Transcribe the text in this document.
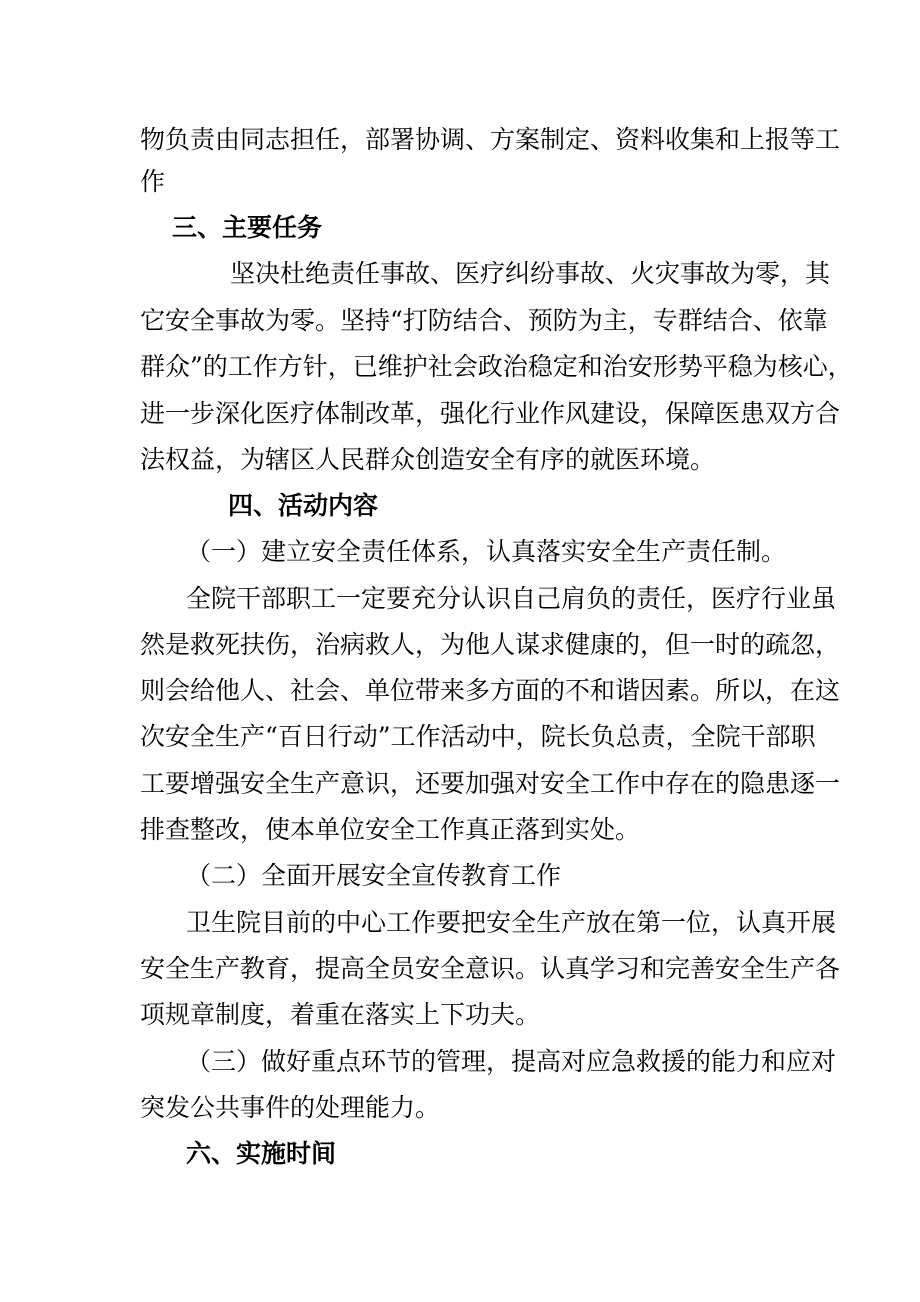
物负责由同志担任，部署协调、方案制定、资料收集和上报等工

作

三、主要任务

坚决杜绝责任事故、医疗纠纷事故、火灾事故为零，其

它安全事故为零。坚持“打防结合、预防为主，专群结合、依靠

群众”的工作方针，已维护社会政治稳定和治安形势平稳为核心，

进一步深化医疗体制改革，强化行业作风建设，保障医患双方合

法权益，为辖区人民群众创造安全有序的就医环境。

四、活动内容

（一）建立安全责任体系，认真落实安全生产责任制。

全院干部职工一定要充分认识自己肩负的责任，医疗行业虽

然是救死扶伤，治病救人，为他人谋求健康的，但一时的疏忽，

则会给他人、社会、单位带来多方面的不和谐因素。所以，在这

次安全生产“百日行动”工作活动中，院长负总责，全院干部职

工要增强安全生产意识，还要加强对安全工作中存在的隐患逐一

排查整改，使本单位安全工作真正落到实处。

（二）全面开展安全宣传教育工作

卫生院目前的中心工作要把安全生产放在第一位，认真开展

安全生产教育，提高全员安全意识。认真学习和完善安全生产各

项规章制度，着重在落实上下功夫。

（三）做好重点环节的管理，提高对应急救援的能力和应对

突发公共事件的处理能力。

六、实施时间
